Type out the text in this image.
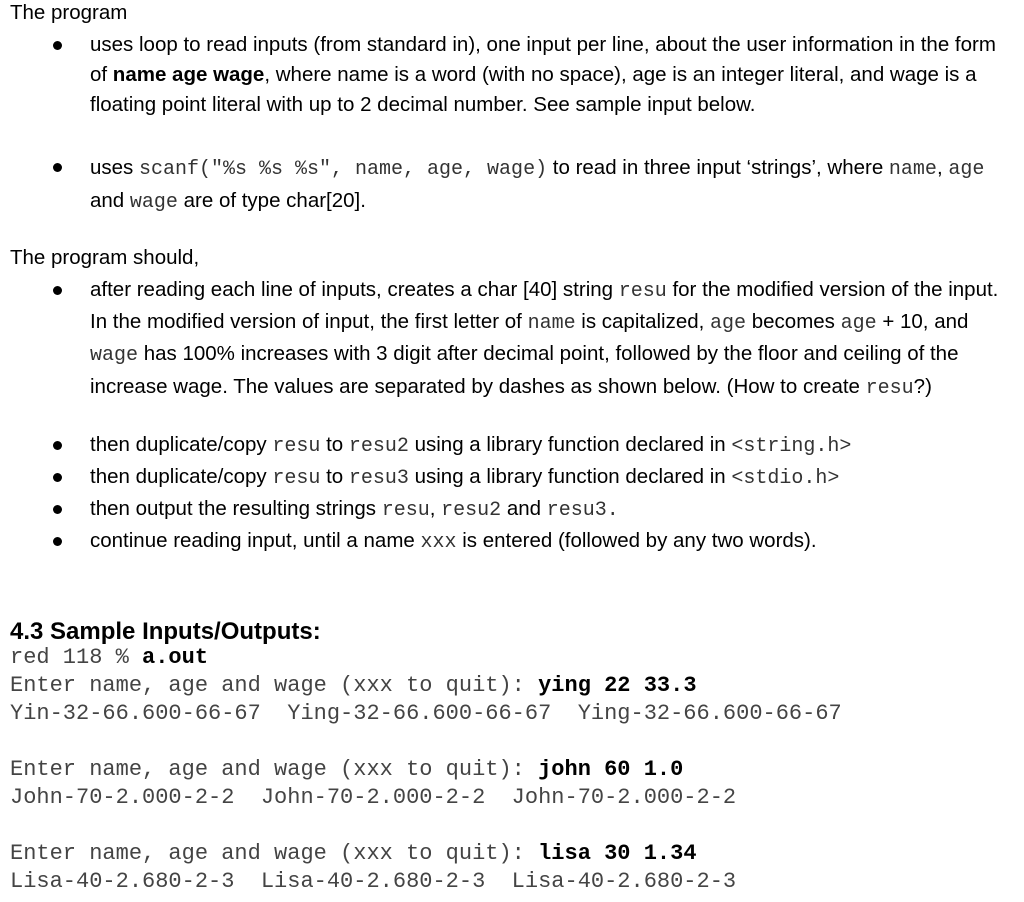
The program
uses loop to read inputs (from standard in), one input per line, about the user information in the form of name age wage, where name is a word (with no space), age is an integer literal, and wage is a floating point literal with up to 2 decimal number. See sample input below.
uses scanf("%s %s %s", name, age, wage) to read in three input ‘strings’, where name, age and wage are of type char[20].
The program should,
after reading each line of inputs, creates a char [40] string resu for the modified version of the input. In the modified version of input, the first letter of name is capitalized, age becomes age + 10, and wage has 100% increases with 3 digit after decimal point, followed by the floor and ceiling of the increase wage. The values are separated by dashes as shown below. (How to create resu?)
then duplicate/copy resu to resu2 using a library function declared in <string.h>
then duplicate/copy resu to resu3 using a library function declared in <stdio.h>
then output the resulting strings resu, resu2 and resu3.
continue reading input, until a name xxx is entered (followed by any two words).
4.3 Sample Inputs/Outputs:
red 118 % a.out
Enter name, age and wage (xxx to quit): ying 22 33.3
Yin-32-66.600-66-67  Ying-32-66.600-66-67  Ying-32-66.600-66-67
Enter name, age and wage (xxx to quit): john 60 1.0
John-70-2.000-2-2  John-70-2.000-2-2  John-70-2.000-2-2
Enter name, age and wage (xxx to quit): lisa 30 1.34
Lisa-40-2.680-2-3  Lisa-40-2.680-2-3  Lisa-40-2.680-2-3
